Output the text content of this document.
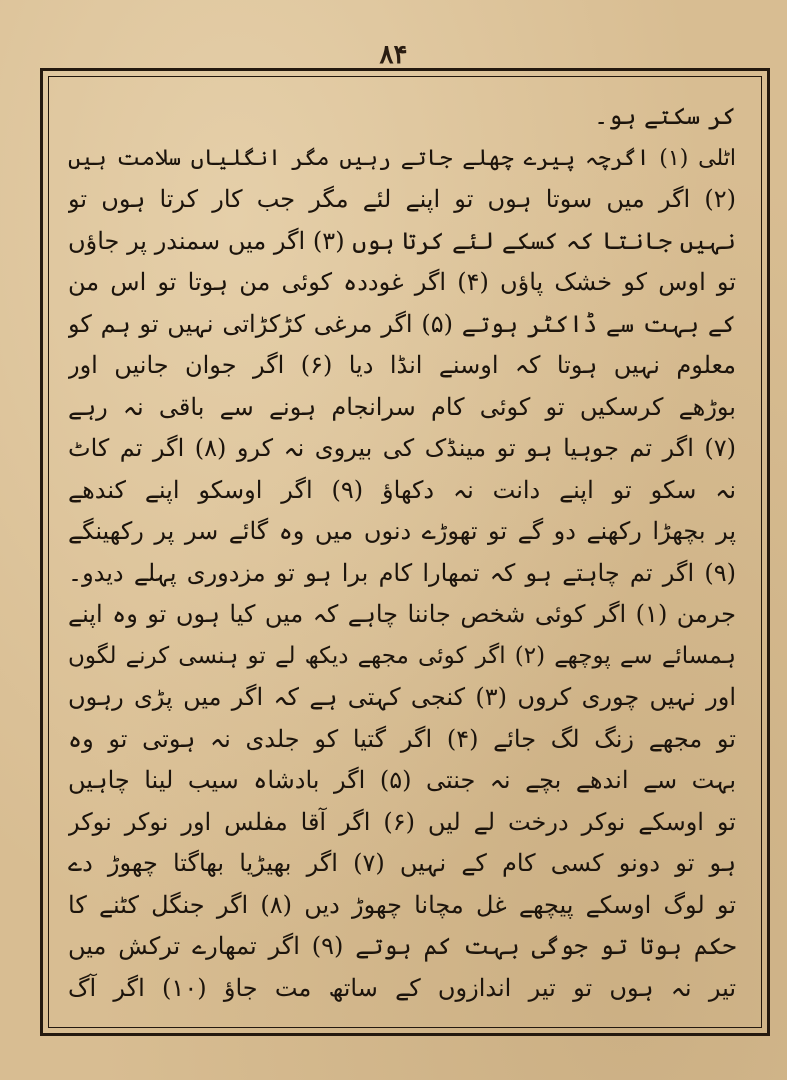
۸۴
کر سکتے ہو۔
اٹلی (۱) اگرچہ پیرے چھلے جاتے رہیں مگر انگلیاں سلامت ہیں
(۲) اگر میں سوتا ہوں تو اپنے لئے مگر جب کار کرتا ہوں تو
نہیں جانتا کہ کسکے لئے کرتا ہوں (۳) اگر میں سمندر پر جاؤں
تو اوس کو خشک پاؤں (۴) اگر غوددہ کوئی من ہوتا تو اس من
کے بہت سے ڈاکٹر ہوتے (۵) اگر مرغی کڑکڑاتی نہیں تو ہم کو
معلوم نہیں ہوتا کہ اوسنے انڈا دیا (۶) اگر جوان جانیں اور
بوڑھے کرسکیں تو کوئی کام سرانجام ہونے سے باقی نہ رہے
(۷) اگر تم جوہیا ہو تو مینڈک کی بیروی نہ کرو (۸) اگر تم کاٹ
نہ سکو تو اپنے دانت نہ دکھاؤ (۹) اگر اوسکو اپنے کندھے
پر بچھڑا رکھنے دو گے تو تھوڑے دنوں میں وہ گائے سر پر رکھینگے
(۹) اگر تم چاہتے ہو کہ تمھارا کام برا ہو تو مزدوری پہلے دیدو۔
جرمن (۱) اگر کوئی شخص جاننا چاہے کہ میں کیا ہوں تو وہ اپنے
ہمسائے سے پوچھے (۲) اگر کوئی مجھے دیکھ لے تو ہنسی کرنے لگوں
اور نہیں چوری کروں (۳) کنجی کہتی ہے کہ اگر میں پڑی رہوں
تو مجھے زنگ لگ جائے (۴) اگر گتیا کو جلدی نہ ہوتی تو وہ
بہت سے اندھے بچے نہ جنتی (۵) اگر بادشاہ سیب لینا چاہیں
تو اوسکے نوکر درخت لے لیں (۶) اگر آقا مفلس اور نوکر نوکر
ہو تو دونو کسی کام کے نہیں (۷) اگر بھیڑیا بھاگتا چھوڑ دے
تو لوگ اوسکے پیچھے غل مچانا چھوڑ دیں (۸) اگر جنگل کٹنے کا
حکم ہوتا تو جوگی بہت کم ہوتے (۹) اگر تمھارے ترکش میں
تیر نہ ہوں تو تیر اندازوں کے ساتھ مت جاؤ (۱۰) اگر آگ
